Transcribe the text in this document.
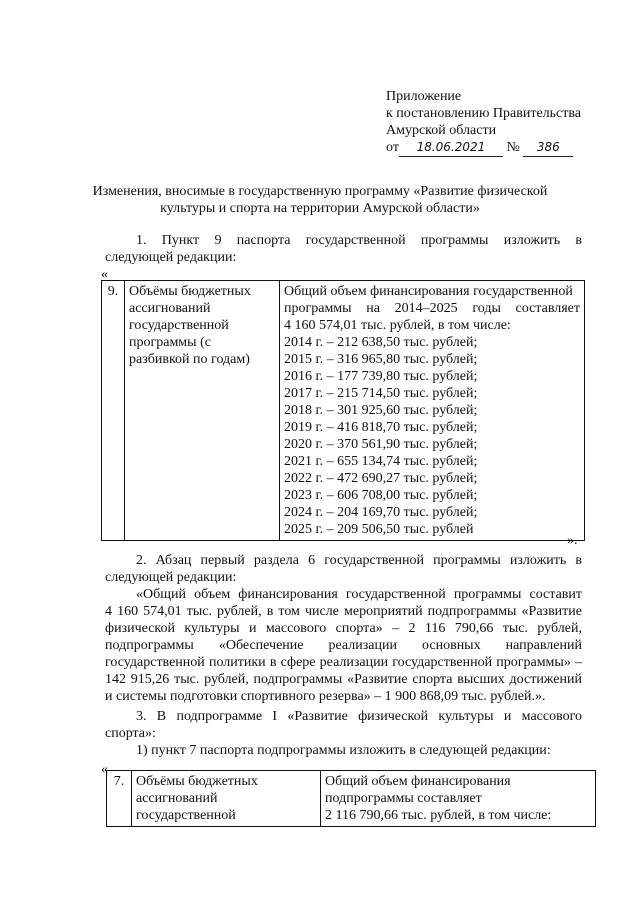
Приложение
к постановлению Правительства
Амурской области
от 18.06.2021 № 386
Изменения, вносимые в государственную программу «Развитие физической
культуры и спорта на территории Амурской области»
1. Пункт 9 паспорта государственной программы изложить в
следующей редакции:
«
9.	Объёмы бюджетных
ассигнований
государственной
программы (с
разбивкой по годам)

Общий объем финансирования государственной
программы на 2014–2025 годы составляет
4 160 574,01 тыс. рублей, в том числе:
2014 г. – 212 638,50 тыс. рублей;
2015 г. – 316 965,80 тыс. рублей;
2016 г. – 177 739,80 тыс. рублей;
2017 г. – 215 714,50 тыс. рублей;
2018 г. – 301 925,60 тыс. рублей;
2019 г. – 416 818,70 тыс. рублей;
2020 г. – 370 561,90 тыс. рублей;
2021 г. – 655 134,74 тыс. рублей;
2022 г. – 472 690,27 тыс. рублей;
2023 г. – 606 708,00 тыс. рублей;
2024 г. – 204 169,70 тыс. рублей;
2025 г. – 209 506,50 тыс. рублей
».
2. Абзац первый раздела 6 государственной программы изложить в
следующей редакции:
«Общий объем финансирования государственной программы составит
4 160 574,01 тыс. рублей, в том числе мероприятий подпрограммы «Развитие
физической культуры и массового спорта» – 2 116 790,66 тыс. рублей,
подпрограммы «Обеспечение реализации основных направлений
государственной политики в сфере реализации государственной программы» –
142 915,26 тыс. рублей, подпрограммы «Развитие спорта высших достижений
и системы подготовки спортивного резерва» – 1 900 868,09 тыс. рублей.».
3. В подпрограмме I «Развитие физической культуры и массового
спорта»:
1) пункт 7 паспорта подпрограммы изложить в следующей редакции:
«
7.	Объёмы бюджетных
ассигнований
государственной

Общий объем финансирования
подпрограммы составляет
2 116 790,66 тыс. рублей, в том числе:
